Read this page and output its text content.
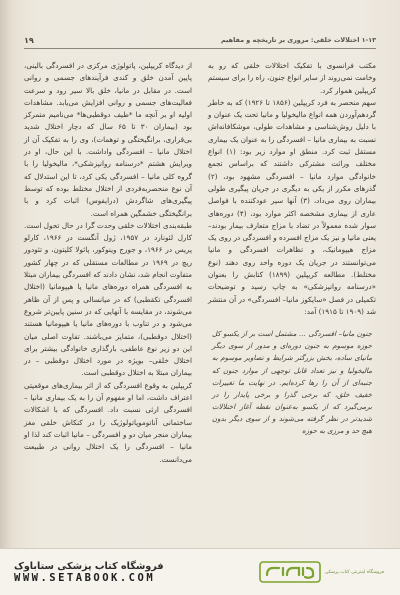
۱-۱۳ اختلالات خلقی: مروری بر تاریخچه و مفاهیم
۱۹

مکتب فرانسوی با تفکیک اختلالات خلقی که رو به وخامت نمی‌روند از سایر انواع جنون، راه را برای سیستم کریپلین هموار کرد.

سهم منحصر به فرد کریپلین (۱۸۵۶ تا ۱۹۲۶) که به خاطر گردهم‌آوردن همه انواع مالیخولیا و مانیا تحت یک عنوان و با دلیل روش‌شناسی و مشاهدات طولی، موشکافانه‌اش نسبت به بیماری مانیا – افسردگی را به عنوان یک بیماری مستقل ثبت کرد. منطق او موارد زیر بود: (۱) انواع مختلف وراثت مشترکی داشتند که براساس تجمع خانوادگی موارد مانیا – افسردگی مشهود بود، (۲) گذرهای مکرر از یکی به دیگری در جریان پیگیری طولی بیماران روی می‌داد، (۳) آنها سیر عودکننده با فواصل عاری از بیماری مشخصه اکثر موارد بود، (۴) دوره‌های سوار شده معمولاً در تضاد با مزاج متعارف بیمار بودند– یعنی مانیا و نیز یک مزاج افسرده و افسردگی در روی یک مزاج هیپومانیک، و تظاهرات افسردگی و مانیا می‌توانستند در جریان یک دوره واحد روی دهند (نوع مختلط). مطالعه کریپلین (۱۸۹۹) کتابش را بعنوان «درسنامه روانپزشکی» به چاپ رسید و توضیحات تکمیلی در فصل «سایکوز مانیا– افسردگی» در آن منتشر شد (۱۹۰۹ تا ۱۹۱۵) آمد:

جنون مانیا– افسردگی ... مشتمل است بر از یکسو کل حوزه موسوم به جنون دوره‌ای و مدور از سوی دیگر مانیای ساده، بخش بزرگتر شرایط و تصاویر موسوم به مالیخولیا و نیز تعداد قابل توجهی از موارد جنون که جنبه‌ای از آن را رها کرده‌ایم. در نهایت ما تغییرات خفیف خلق، که برخی گذرا و برخی پایدار را در برمی‌گیرد که از یکسو به‌عنوان نقطه آغاز اختلالات شدیدتر در نظر گرفته می‌شوند و از سوی دیگر بدون هیچ حد و مرزی به حوزه

از دیدگاه کریپلین، پاتولوژی مرکزی در افسردگی بالینی، پایین آمدن خلق و کندی فرآیندهای جسمی و روانی است. در مقابل در مانیا، خلق بالا سیر رود و سرعت فعالیت‌های جسمی و روانی افزایش می‌یابد. مشاهدات اولیه او بر آنچه ما *طیف دوقطبی‌ها* می‌نامیم متمرکز بود (بیماران ۳۰ تا ۶۵ سال که دچار اختلال شدید بی‌قراری، برانگیختگی و توهمات)، وی را به تفکیک آن از اختلال مانیا – افسردگی واداشت. با این حال، او در ویرایش هشتم *درسنامه روانپزشکی*، مالیخولیا را با گروه کلی مانیا – افسردگی یکی کرد، تا این استدلال که آن نوع منحصربه‌فردی از اختلال مختلط بوده که توسط پیگیری‌های شاگردش (درایفوس) اثبات کرد و با برانگیختگی خشمگین همراه است.

طبقه‌بندی اختلالات خلقی وحدت گرا در حال تحول است. کارل لئونارد در ۱۹۵۷، ژول آنگست در ۱۹۶۶، کارلو پریس در ۱۹۶۶، و جورج وینوکور، پائولا کلیتون، و تئودور ریچ در ۱۹۶۹ در مطالعات مستقلی که در چهار کشور متفاوت انجام شد، نشان دادند که افسردگی بیماران مبتلا به افسردگی همراه دوره‌های مانیا یا هیپومانیا (اختلال افسردگی تکقطبی) که در میانسالی و پس از آن ظاهر می‌شوند، در مقایسه با آنهایی که در سنین پایین‌تر شروع می‌شود و در تناوب با دوره‌های مانیا یا هیپومانیا هستند (اختلال دوقطبی)، متمایز می‌باشند. تفاوت اصلی میان این دو زیر نوع عاطفی، بارگذاری خانوادگی بیشتر برای اختلال خلقی– بویژه در مورد اختلال دوقطبی – در بیماران مبتلا به اختلال دوقطبی است.

کریپلین به وقوع افسردگی که از اثر بیماری‌های موقعیتی اعتراف داشت، اما او مفهوم آن را به یک بیماری مانیا – افسردگی ارثی نسبت داد. افسردگی که با اشکالات ساختمانی آناتوموپاتولوژیک را در کنکاش خلقی مغز بیماران منجر میان دو و افسردگی – مانیا اثبات کند لذا او مانیا – افسردگی را یک اختلال روانی در طبیعت می‌دانست.

فروشگاه اینترنتی کتاب پزشکی
فروشگاه کتاب پزشکی ستاباوک
WWW.SETABOOK.COM
